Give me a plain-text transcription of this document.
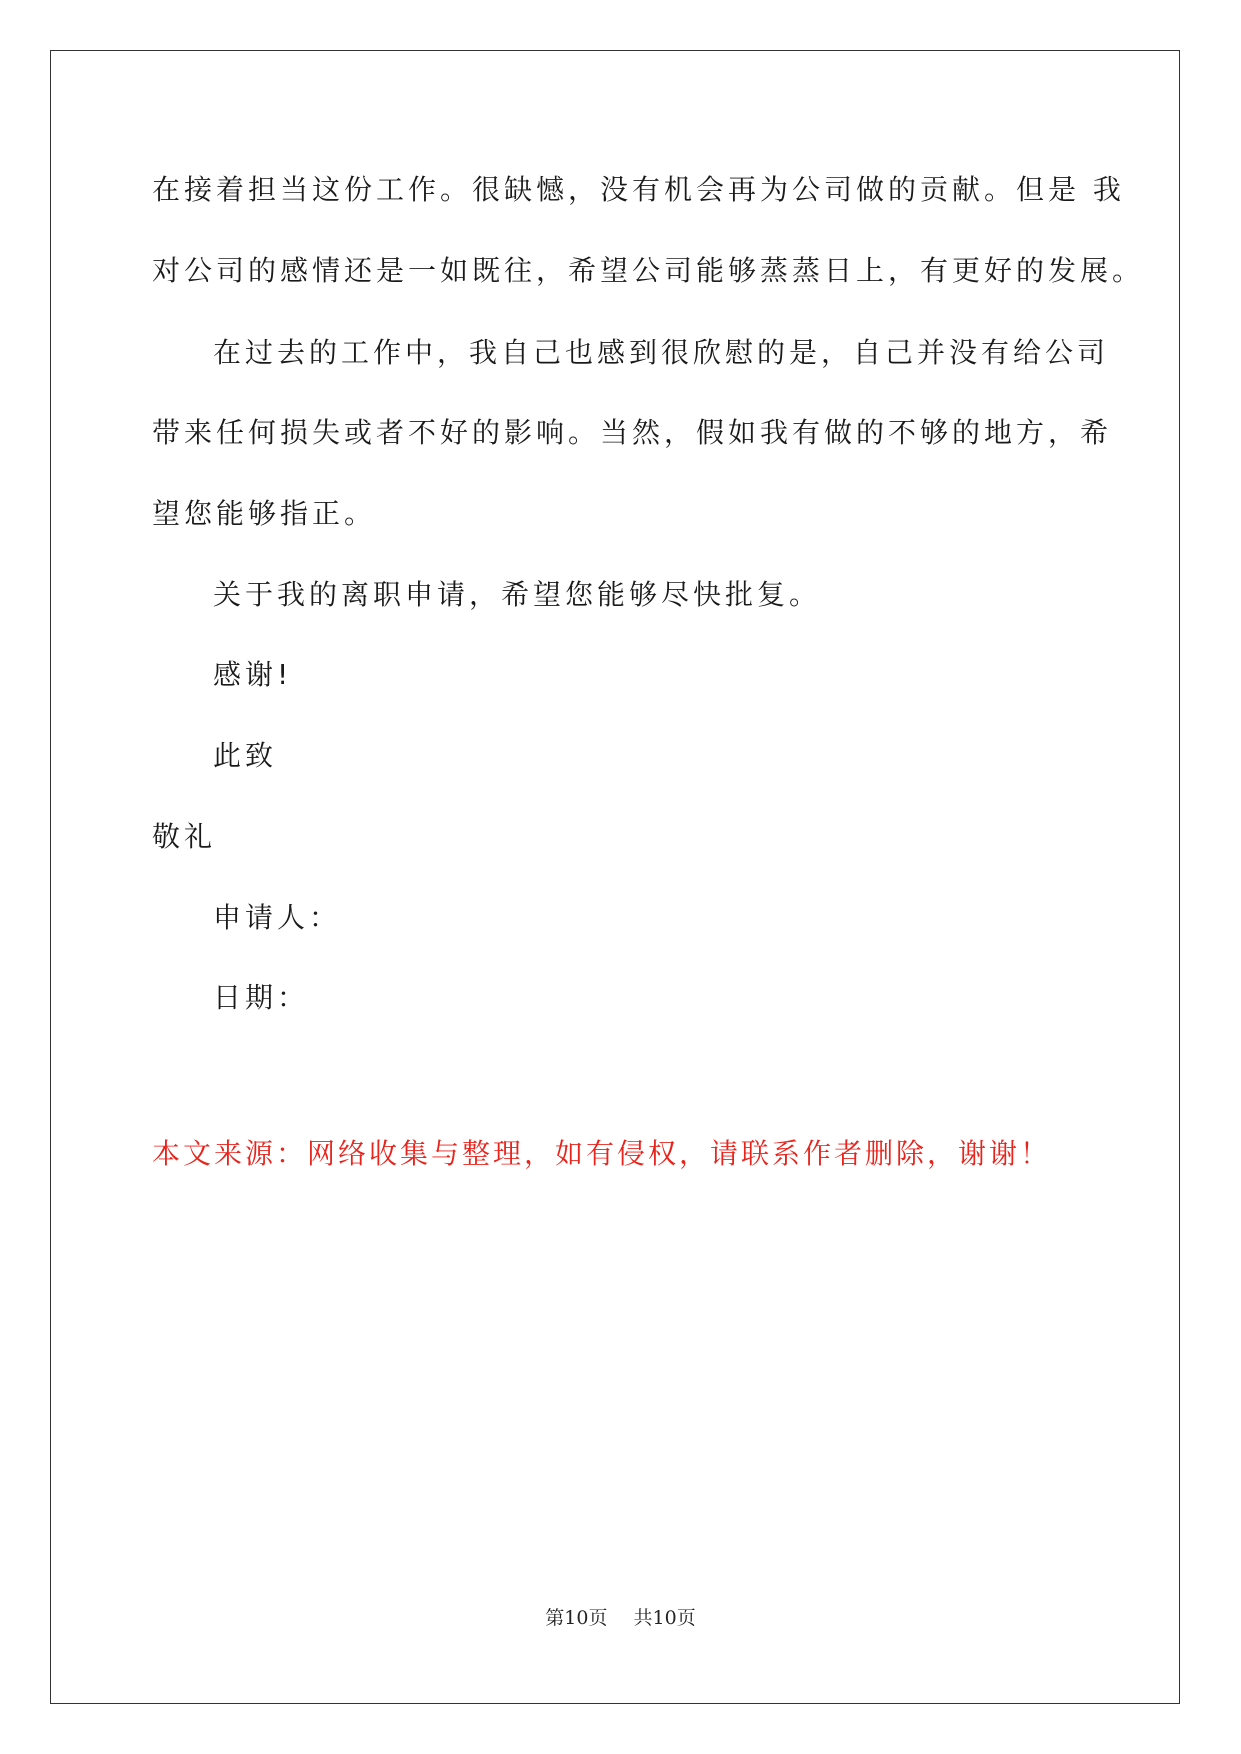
在接着担当这份工作。很缺憾，没有机会再为公司做的贡献。但是 我
对公司的感情还是一如既往，希望公司能够蒸蒸日上，有更好的发展。
在过去的工作中，我自己也感到很欣慰的是，自己并没有给公司
带来任何损失或者不好的影响。当然，假如我有做的不够的地方，希
望您能够指正。
关于我的离职申请，希望您能够尽快批复。
感谢!
此致
敬礼
申请人：
日期：
本文来源：网络收集与整理，如有侵权，请联系作者删除，谢谢！
第10页 共10页
